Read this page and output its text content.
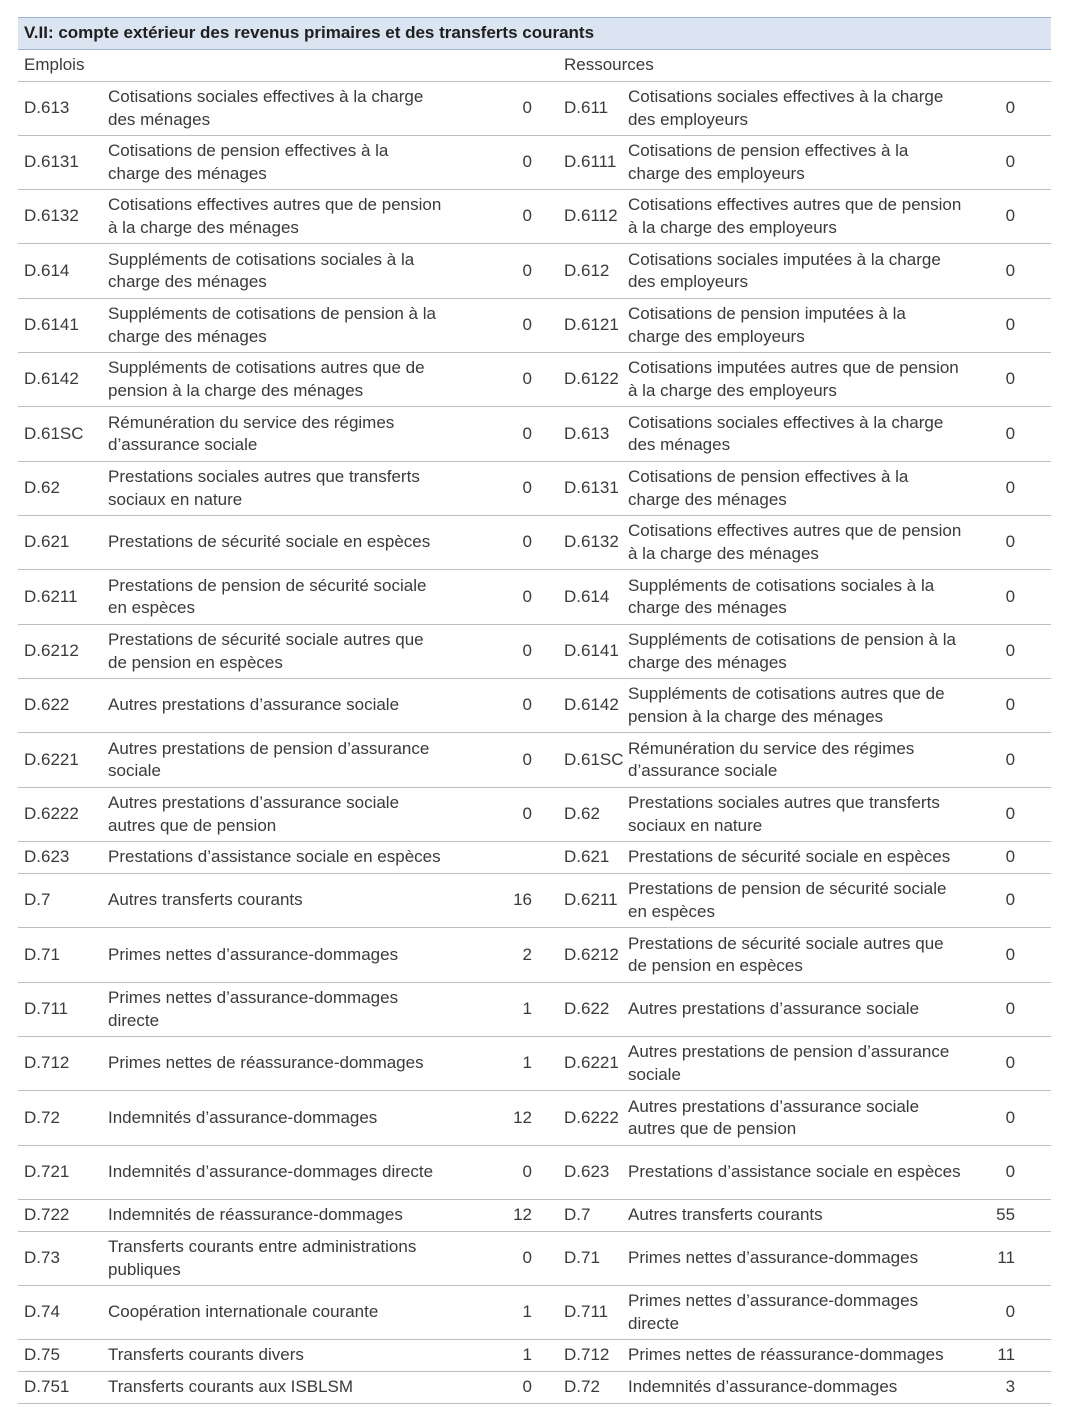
V.II: compte extérieur des revenus primaires et des transferts courants					
Emplois			Ressources		
D.613	Cotisations sociales effectives à la charge des ménages	0	D.611	Cotisations sociales effectives à la charge des employeurs	0
D.6131	Cotisations de pension effectives à la charge des ménages	0	D.6111	Cotisations de pension effectives à la charge des employeurs	0
D.6132	Cotisations effectives autres que de pension à la charge des ménages	0	D.6112	Cotisations effectives autres que de pension à la charge des employeurs	0
D.614	Suppléments de cotisations sociales à la charge des ménages	0	D.612	Cotisations sociales imputées à la charge des employeurs	0
D.6141	Suppléments de cotisations de pension à la charge des ménages	0	D.6121	Cotisations de pension imputées à la charge des employeurs	0
D.6142	Suppléments de cotisations autres que de pension à la charge des ménages	0	D.6122	Cotisations imputées autres que de pension à la charge des employeurs	0
D.61SC	Rémunération du service des régimes d’assurance sociale	0	D.613	Cotisations sociales effectives à la charge des ménages	0
D.62	Prestations sociales autres que transferts sociaux en nature	0	D.6131	Cotisations de pension effectives à la charge des ménages	0
D.621	Prestations de sécurité sociale en espèces	0	D.6132	Cotisations effectives autres que de pension à la charge des ménages	0
D.6211	Prestations de pension de sécurité sociale en espèces	0	D.614	Suppléments de cotisations sociales à la charge des ménages	0
D.6212	Prestations de sécurité sociale autres que de pension en espèces	0	D.6141	Suppléments de cotisations de pension à la charge des ménages	0
D.622	Autres prestations d’assurance sociale	0	D.6142	Suppléments de cotisations autres que de pension à la charge des ménages	0
D.6221	Autres prestations de pension d’assurance sociale	0	D.61SC	Rémunération du service des régimes d’assurance sociale	0
D.6222	Autres prestations d’assurance sociale autres que de pension	0	D.62	Prestations sociales autres que transferts sociaux en nature	0
D.623	Prestations d’assistance sociale en espèces		D.621	Prestations de sécurité sociale en espèces	0
D.7	Autres transferts courants	16	D.6211	Prestations de pension de sécurité sociale en espèces	0
D.71	Primes nettes d’assurance-dommages	2	D.6212	Prestations de sécurité sociale autres que de pension en espèces	0
D.711	Primes nettes d’assurance-dommages directe	1	D.622	Autres prestations d’assurance sociale	0
D.712	Primes nettes de réassurance-dommages	1	D.6221	Autres prestations de pension d’assurance sociale	0
D.72	Indemnités d’assurance-dommages	12	D.6222	Autres prestations d’assurance sociale autres que de pension	0
D.721	Indemnités d’assurance-dommages directe	0	D.623	Prestations d’assistance sociale en espèces	0
D.722	Indemnités de réassurance-dommages	12	D.7	Autres transferts courants	55
D.73	Transferts courants entre administrations publiques	0	D.71	Primes nettes d’assurance-dommages	11
D.74	Coopération internationale courante	1	D.711	Primes nettes d’assurance-dommages directe	0
D.75	Transferts courants divers	1	D.712	Primes nettes de réassurance-dommages	11
D.751	Transferts courants aux ISBLSM	0	D.72	Indemnités d’assurance-dommages	3
